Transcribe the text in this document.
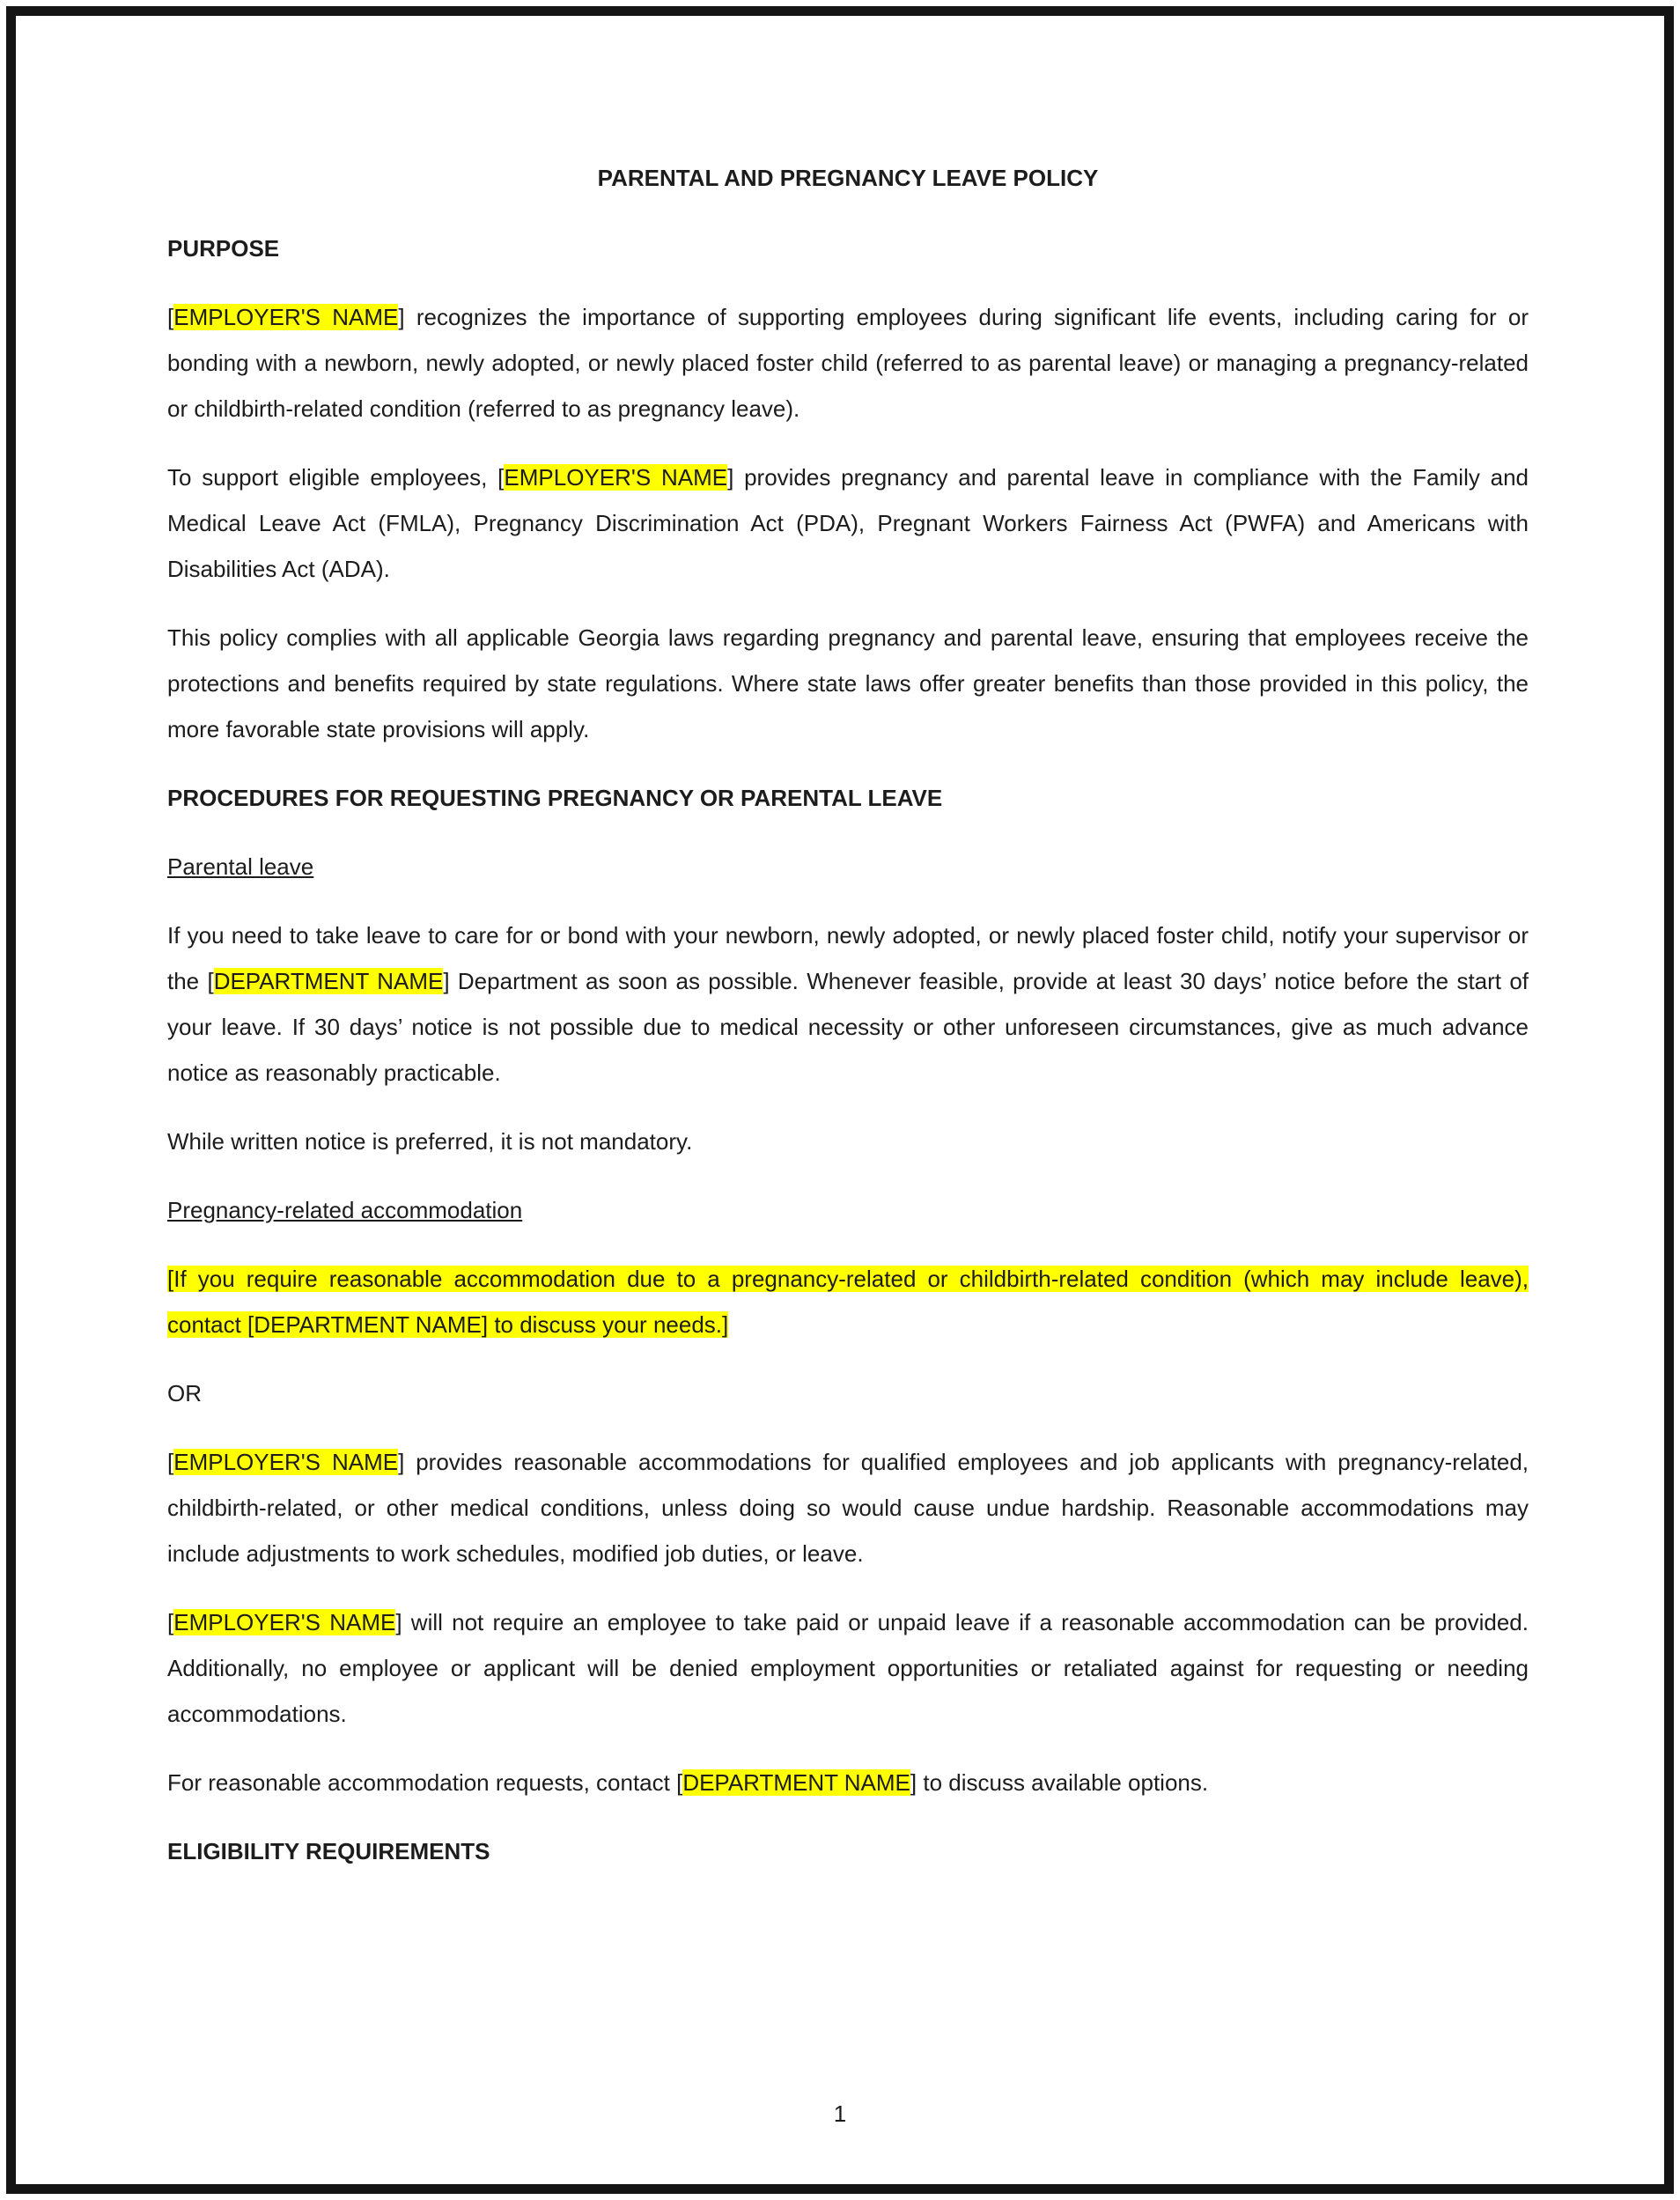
PARENTAL AND PREGNANCY LEAVE POLICY
PURPOSE
[EMPLOYER'S NAME] recognizes the importance of supporting employees during significant life events, including caring for or bonding with a newborn, newly adopted, or newly placed foster child (referred to as parental leave) or managing a pregnancy-related or childbirth-related condition (referred to as pregnancy leave).
To support eligible employees, [EMPLOYER'S NAME] provides pregnancy and parental leave in compliance with the Family and Medical Leave Act (FMLA), Pregnancy Discrimination Act (PDA), Pregnant Workers Fairness Act (PWFA) and Americans with Disabilities Act (ADA).
This policy complies with all applicable Georgia laws regarding pregnancy and parental leave, ensuring that employees receive the protections and benefits required by state regulations. Where state laws offer greater benefits than those provided in this policy, the more favorable state provisions will apply.
PROCEDURES FOR REQUESTING PREGNANCY OR PARENTAL LEAVE
Parental leave
If you need to take leave to care for or bond with your newborn, newly adopted, or newly placed foster child, notify your supervisor or the [DEPARTMENT NAME] Department as soon as possible. Whenever feasible, provide at least 30 days’ notice before the start of your leave. If 30 days’ notice is not possible due to medical necessity or other unforeseen circumstances, give as much advance notice as reasonably practicable.
While written notice is preferred, it is not mandatory.
Pregnancy-related accommodation
[If you require reasonable accommodation due to a pregnancy-related or childbirth-related condition (which may include leave), contact [DEPARTMENT NAME] to discuss your needs.]
OR
[EMPLOYER'S NAME] provides reasonable accommodations for qualified employees and job applicants with pregnancy-related, childbirth-related, or other medical conditions, unless doing so would cause undue hardship. Reasonable accommodations may include adjustments to work schedules, modified job duties, or leave.
[EMPLOYER'S NAME] will not require an employee to take paid or unpaid leave if a reasonable accommodation can be provided. Additionally, no employee or applicant will be denied employment opportunities or retaliated against for requesting or needing accommodations.
For reasonable accommodation requests, contact [DEPARTMENT NAME] to discuss available options.
ELIGIBILITY REQUIREMENTS
1
